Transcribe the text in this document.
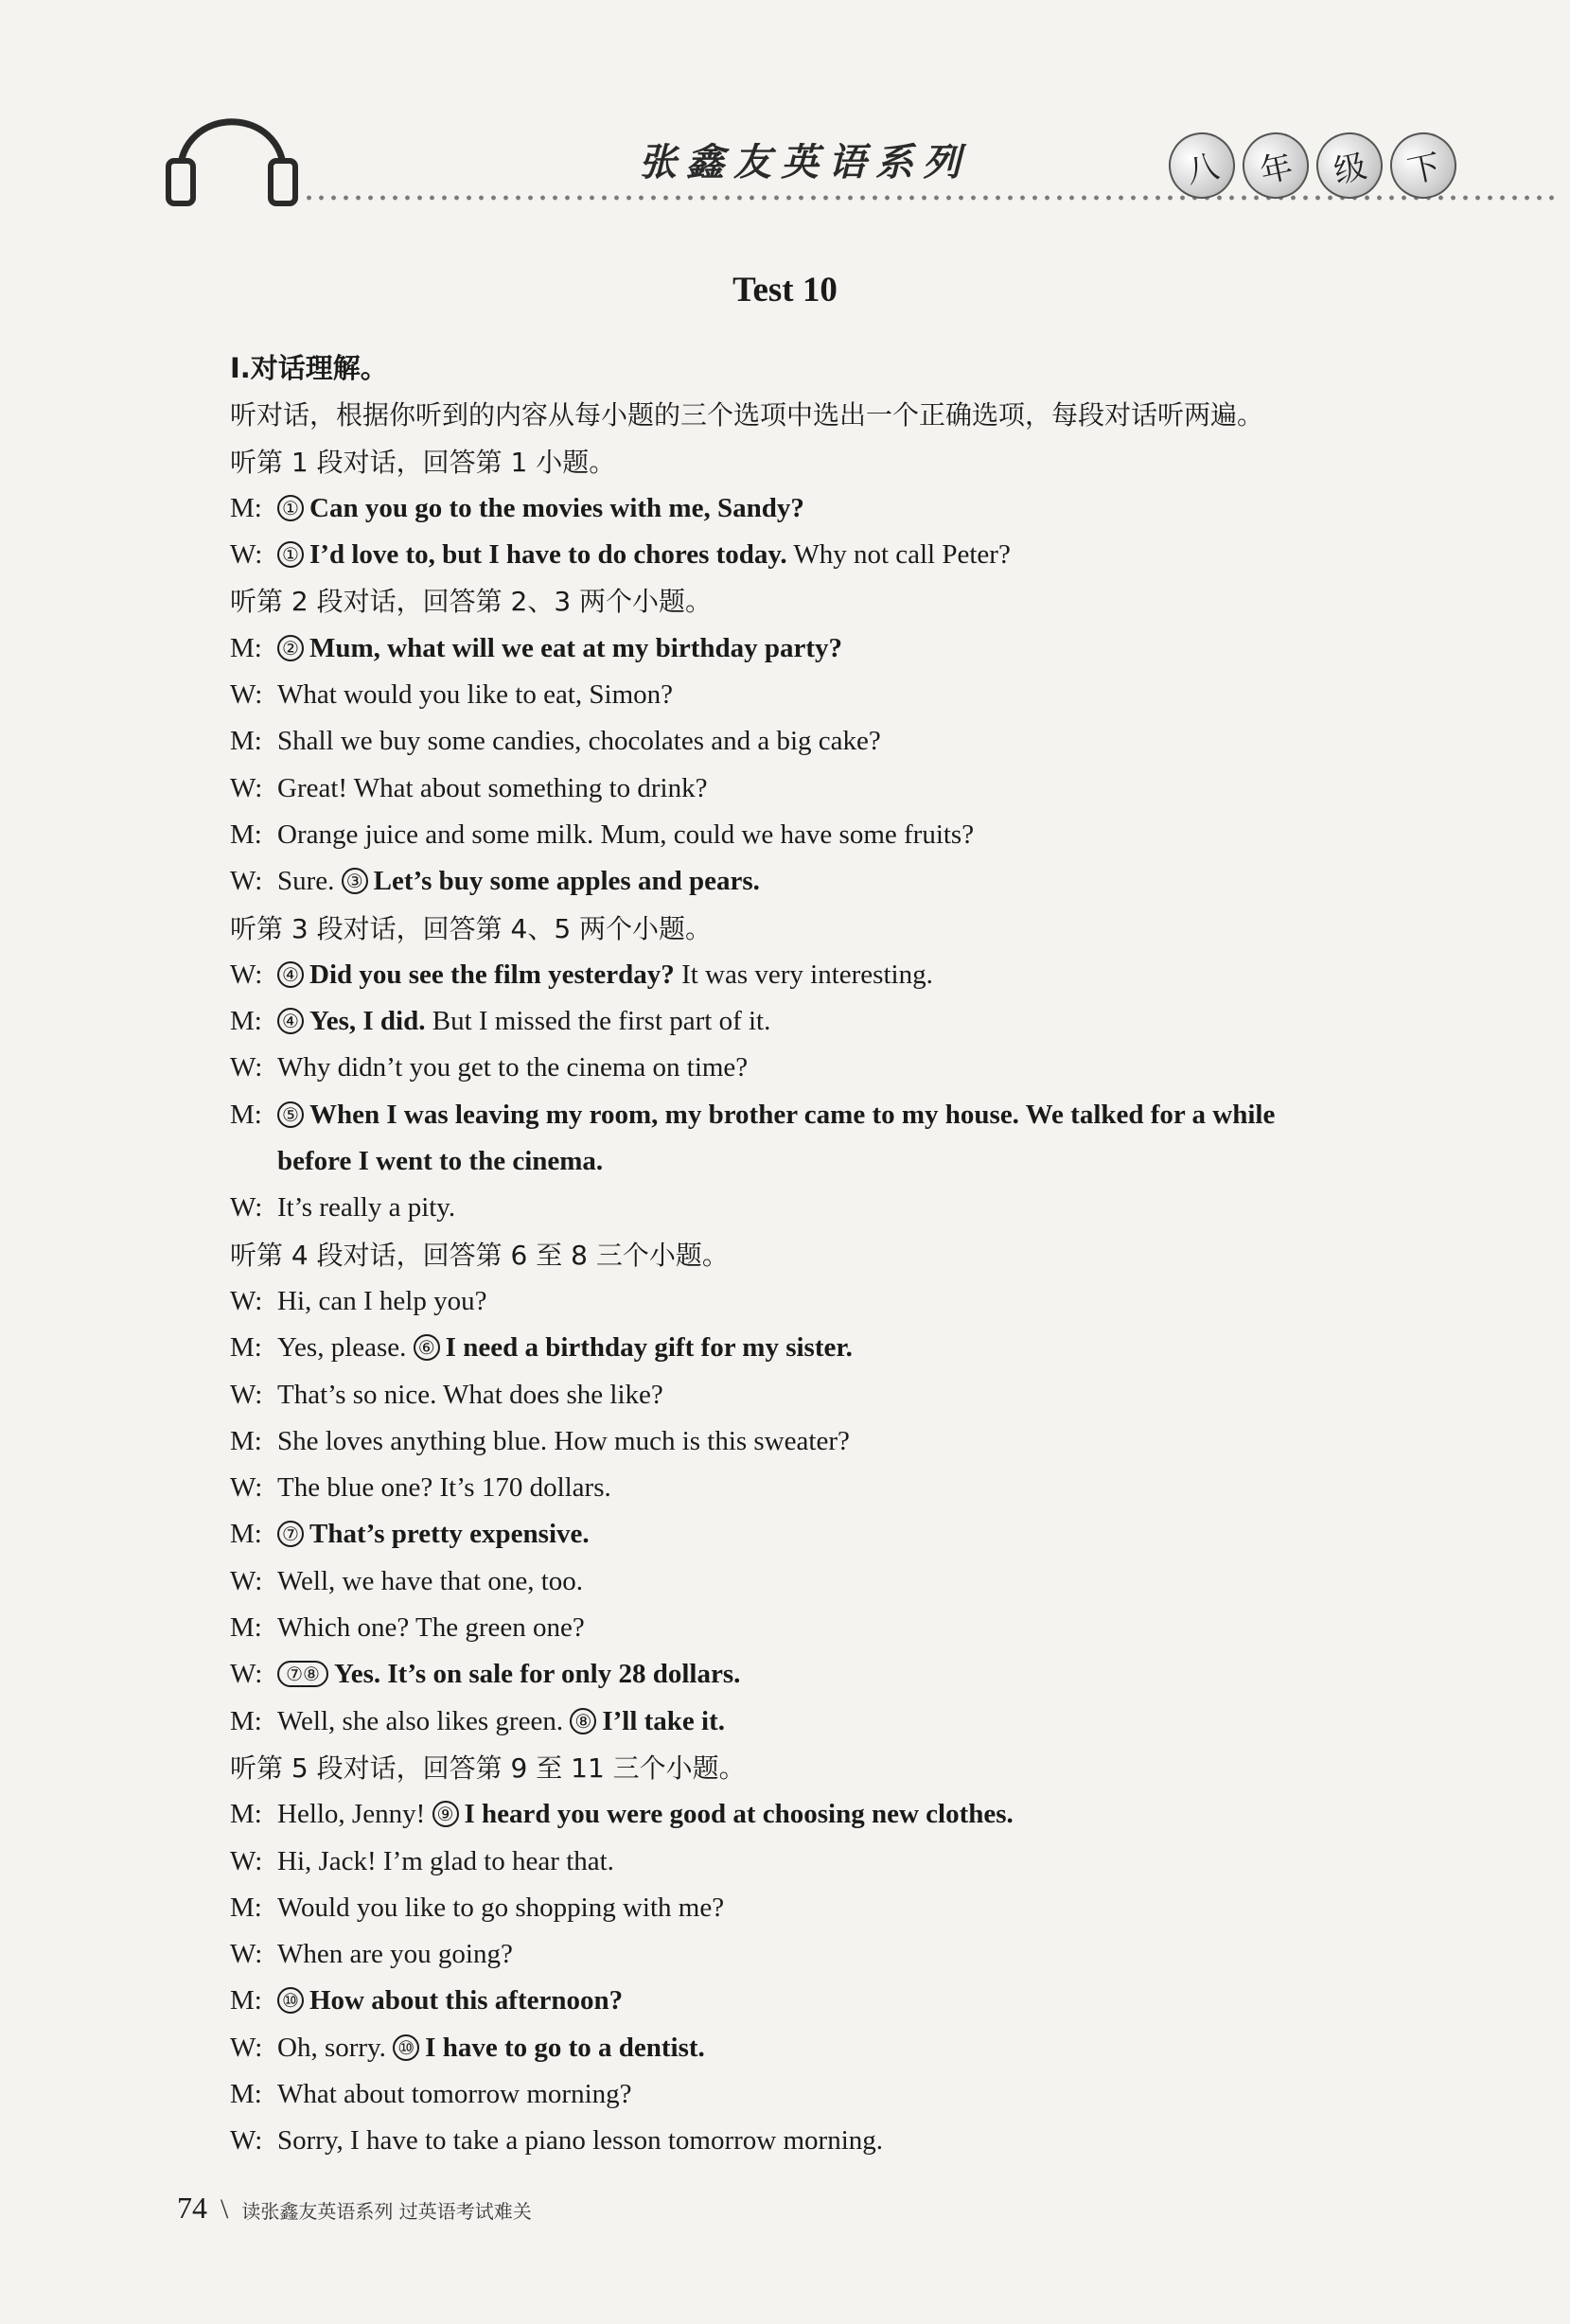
张鑫友英语系列	八	年	级	下
Test 10
Ⅰ.对话理解。
听对话，根据你听到的内容从每小题的三个选项中选出一个正确选项，每段对话听两遍。
听第 1 段对话，回答第 1 小题。
M: ① Can you go to the movies with me, Sandy?
W: ① I’d love to, but I have to do chores today. Why not call Peter?
听第 2 段对话，回答第 2、3 两个小题。
M: ② Mum, what will we eat at my birthday party?
W: What would you like to eat, Simon?
M: Shall we buy some candies, chocolates and a big cake?
W: Great! What about something to drink?
M: Orange juice and some milk. Mum, could we have some fruits?
W: Sure. ③ Let’s buy some apples and pears.
听第 3 段对话，回答第 4、5 两个小题。
W: ④ Did you see the film yesterday? It was very interesting.
M: ④ Yes, I did. But I missed the first part of it.
W: Why didn’t you get to the cinema on time?
M: ⑤ When I was leaving my room, my brother came to my house. We talked for a while
before I went to the cinema.
W: It’s really a pity.
听第 4 段对话，回答第 6 至 8 三个小题。
W: Hi, can I help you?
M: Yes, please. ⑥ I need a birthday gift for my sister.
W: That’s so nice. What does she like?
M: She loves anything blue. How much is this sweater?
W: The blue one? It’s 170 dollars.
M: ⑦ That’s pretty expensive.
W: Well, we have that one, too.
M: Which one? The green one?
W: ⑦⑧ Yes. It’s on sale for only 28 dollars.
M: Well, she also likes green. ⑧ I’ll take it.
听第 5 段对话，回答第 9 至 11 三个小题。
M: Hello, Jenny! ⑨ I heard you were good at choosing new clothes.
W: Hi, Jack! I’m glad to hear that.
M: Would you like to go shopping with me?
W: When are you going?
M: ⑩ How about this afternoon?
W: Oh, sorry. ⑩ I have to go to a dentist.
M: What about tomorrow morning?
W: Sorry, I have to take a piano lesson tomorrow morning.
74 \ 读张鑫友英语系列 过英语考试难关
